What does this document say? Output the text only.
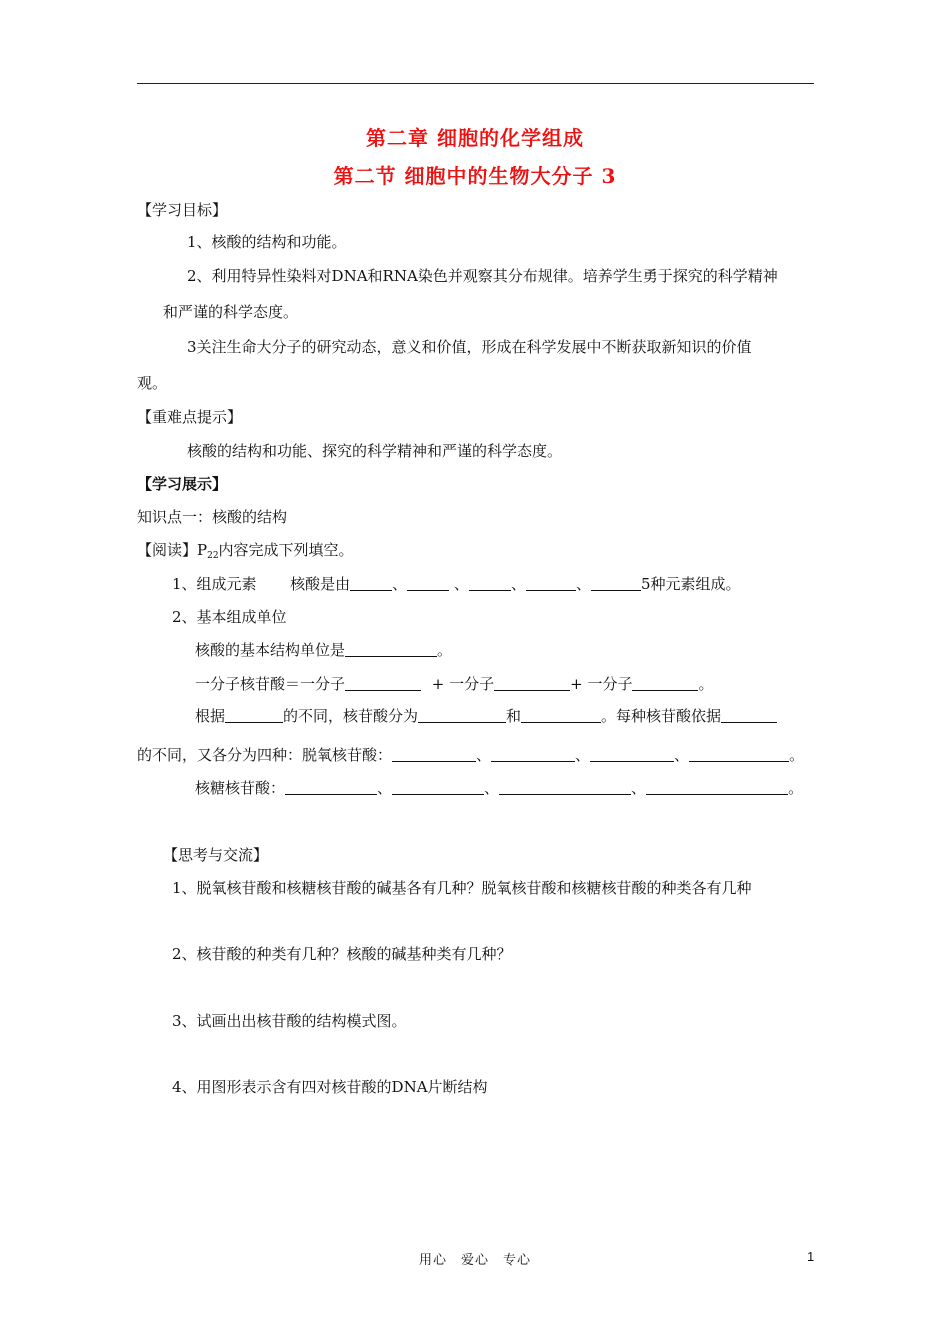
第二章 细胞的化学组成
第二节 细胞中的生物大分子 3
【学习目标】
1、核酸的结构和功能。
2、利用特异性染料对DNA和RNA染色并观察其分布规律。培养学生勇于探究的科学精神
和严谨的科学态度。
3关注生命大分子的研究动态，意义和价值，形成在科学发展中不断获取新知识的价值
观。
【重难点提示】
核酸的结构和功能、探究的科学精神和严谨的科学态度。
【学习展示】
知识点一：核酸的结构
【阅读】$P_{22}$内容完成下列填空。
1、组成元素 核酸是由	、	、	、	、	5种元素组成。
2、基本组成单位
核酸的基本结构单位是	。
一分子核苷酸＝一分子	+ 一分子	+ 一分子	。
根据	的不同，核苷酸分为	和	。每种核苷酸依据
的不同，又各分为四种：脱氧核苷酸：	、	、	、	。
核糖核苷酸：	、	、	、	。
【思考与交流】
1、脱氧核苷酸和核糖核苷酸的碱基各有几种？脱氧核苷酸和核糖核苷酸的种类各有几种
2、核苷酸的种类有几种？核酸的碱基种类有几种？
3、试画出出核苷酸的结构模式图。
4、用图形表示含有四对核苷酸的DNA片断结构
用心　爱心　专心	1
